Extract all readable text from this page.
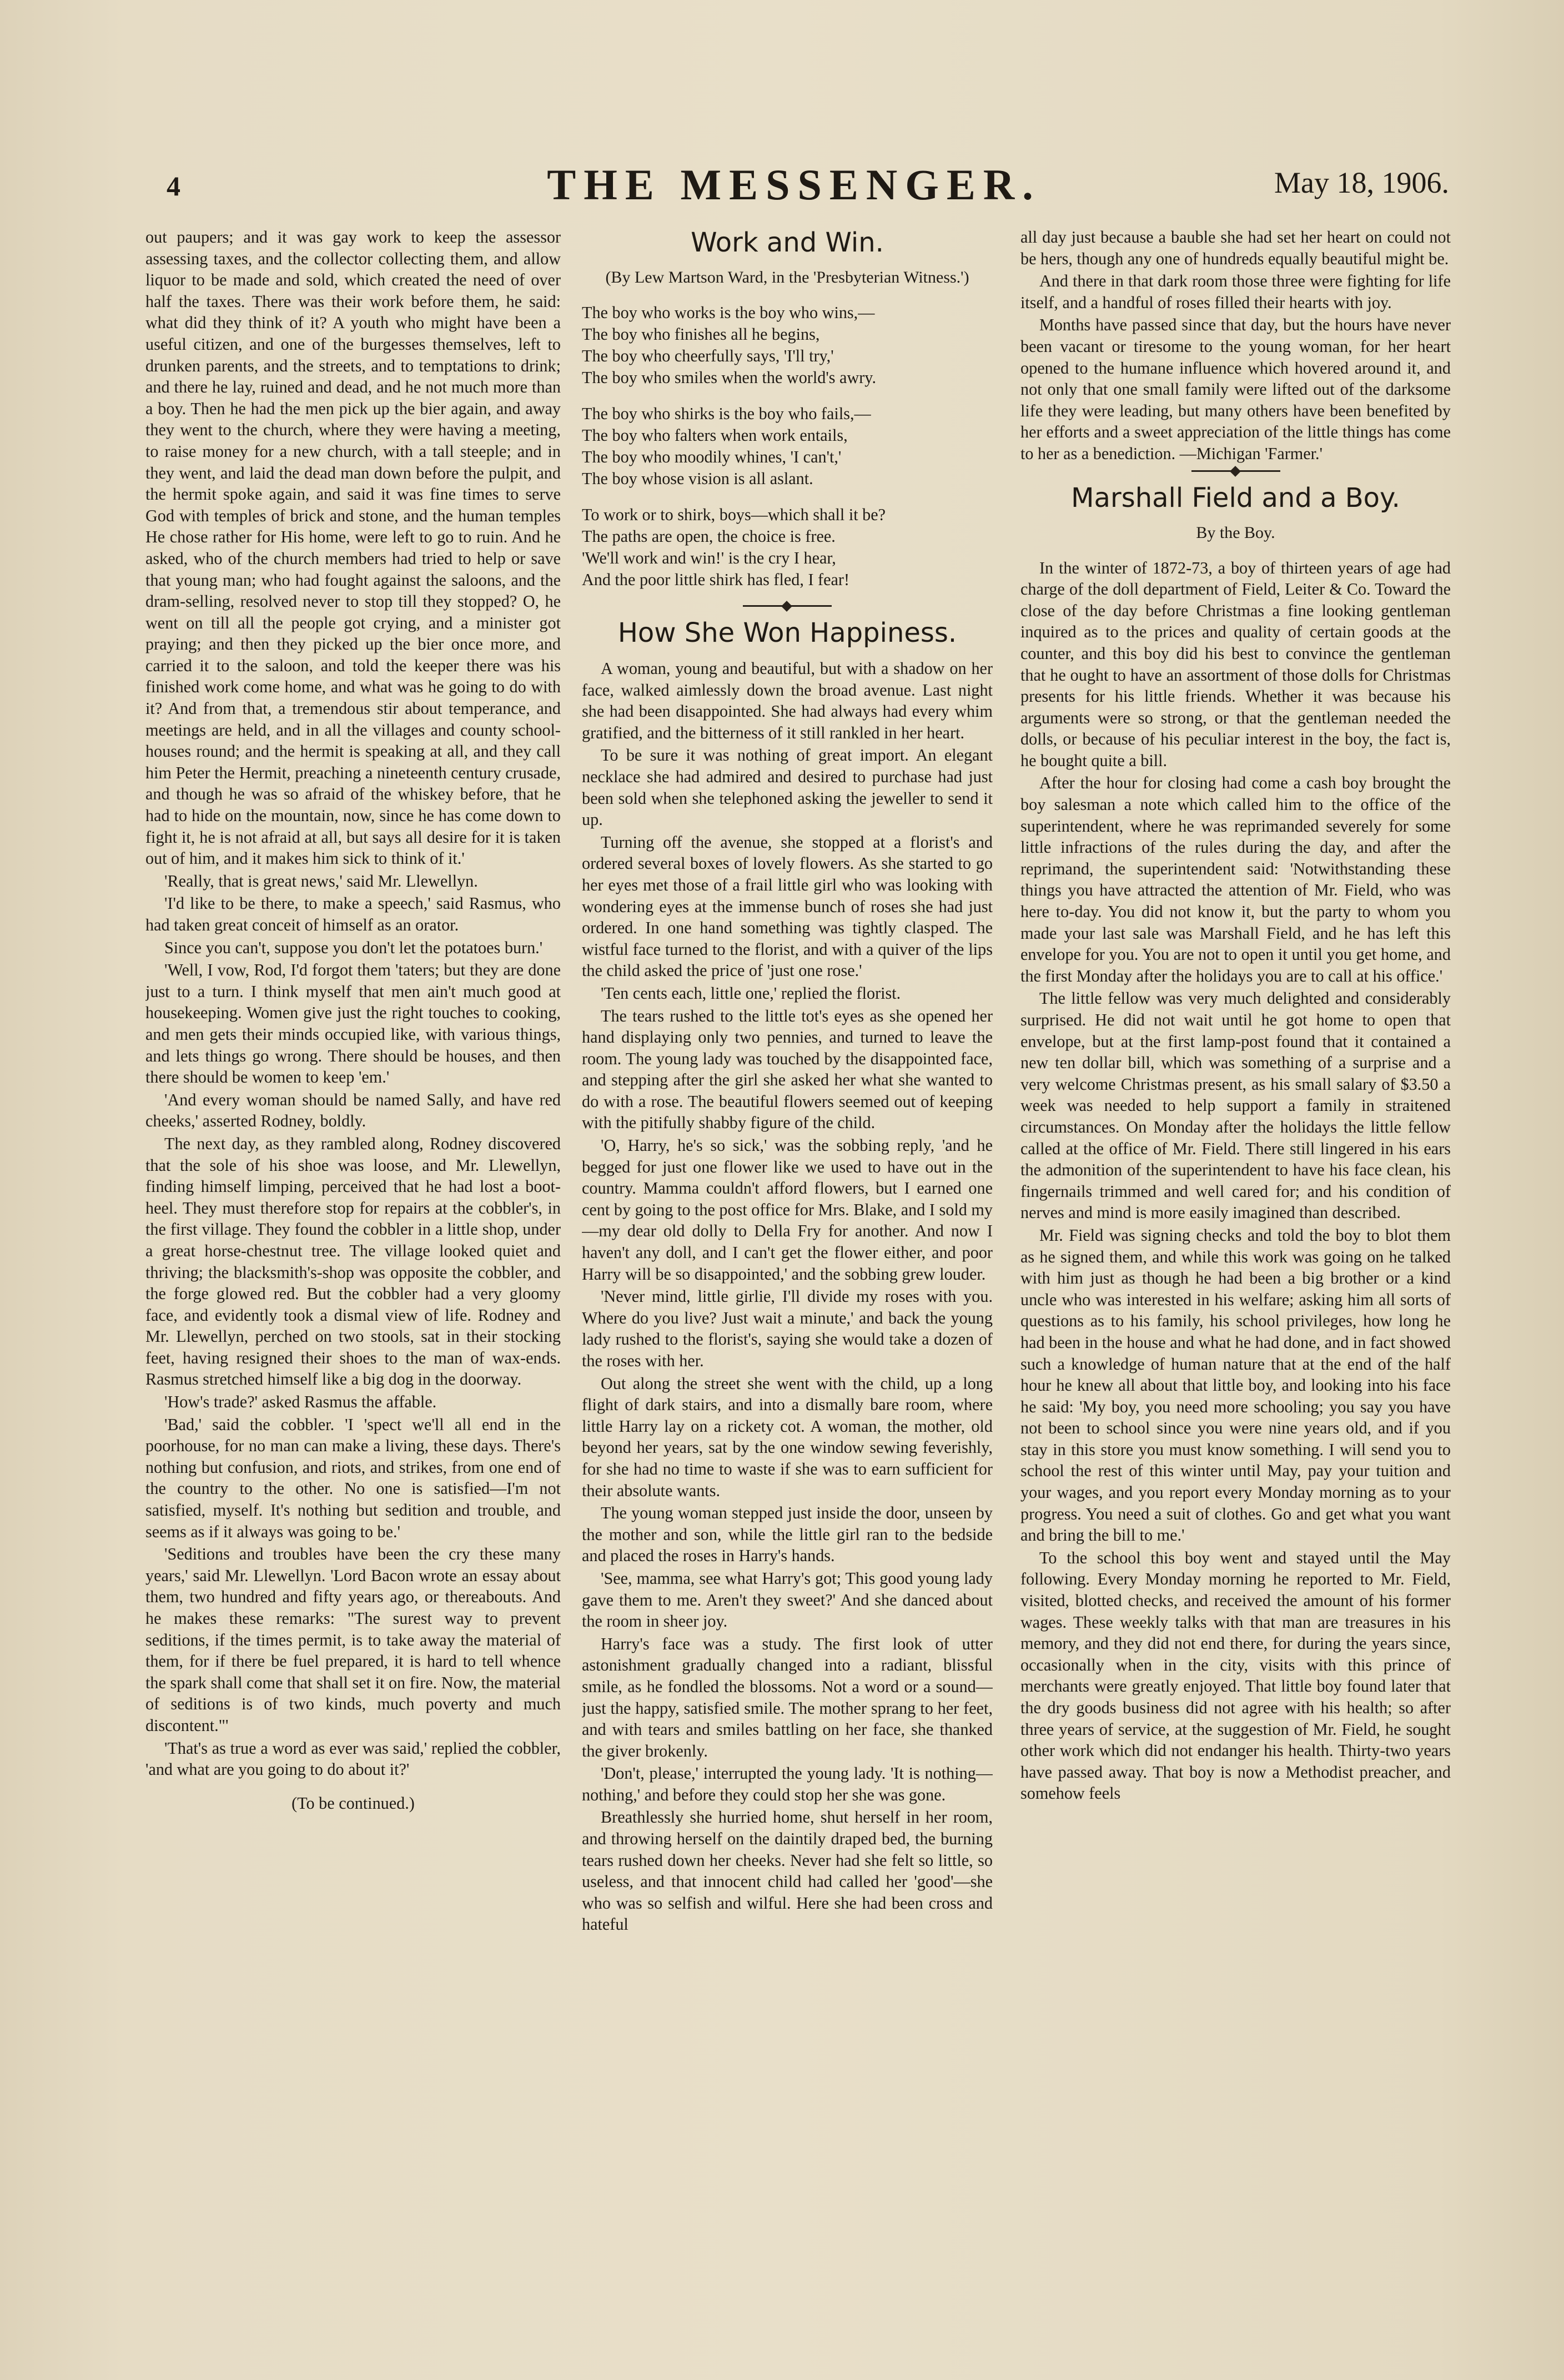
4	THE MESSENGER.	May 18, 1906.

out paupers; and it was gay work to keep the assessor assessing taxes, and the collector collecting them, and allow liquor to be made and sold, which created the need of over half the taxes. There was their work before them, he said: what did they think of it? A youth who might have been a useful citizen, and one of the burgesses themselves, left to drunken parents, and the streets, and to temptations to drink; and there he lay, ruined and dead, and he not much more than a boy. Then he had the men pick up the bier again, and away they went to the church, where they were having a meeting, to raise money for a new church, with a tall steeple; and in they went, and laid the dead man down before the pulpit, and the hermit spoke again, and said it was fine times to serve God with temples of brick and stone, and the human temples He chose rather for His home, were left to go to ruin. And he asked, who of the church members had tried to help or save that young man; who had fought against the saloons, and the dram-selling, resolved never to stop till they stopped? O, he went on till all the people got crying, and a minister got praying; and then they picked up the bier once more, and carried it to the saloon, and told the keeper there was his finished work come home, and what was he going to do with it? And from that, a tremendous stir about temperance, and meetings are held, and in all the villages and county school-houses round; and the hermit is speaking at all, and they call him Peter the Hermit, preaching a nineteenth century crusade, and though he was so afraid of the whiskey before, that he had to hide on the mountain, now, since he has come down to fight it, he is not afraid at all, but says all desire for it is taken out of him, and it makes him sick to think of it.'

'Really, that is great news,' said Mr. Llewellyn.

'I'd like to be there, to make a speech,' said Rasmus, who had taken great conceit of himself as an orator.

Since you can't, suppose you don't let the potatoes burn.'

'Well, I vow, Rod, I'd forgot them 'taters; but they are done just to a turn. I think myself that men ain't much good at housekeeping. Women give just the right touches to cooking, and men gets their minds occupied like, with various things, and lets things go wrong. There should be houses, and then there should be women to keep 'em.'

'And every woman should be named Sally, and have red cheeks,' asserted Rodney, boldly.

The next day, as they rambled along, Rodney discovered that the sole of his shoe was loose, and Mr. Llewellyn, finding himself limping, perceived that he had lost a boot-heel. They must therefore stop for repairs at the cobbler's, in the first village. They found the cobbler in a little shop, under a great horse-chestnut tree. The village looked quiet and thriving; the blacksmith's-shop was opposite the cobbler, and the forge glowed red. But the cobbler had a very gloomy face, and evidently took a dismal view of life. Rodney and Mr. Llewellyn, perched on two stools, sat in their stocking feet, having resigned their shoes to the man of wax-ends. Rasmus stretched himself like a big dog in the doorway.

'How's trade?' asked Rasmus the affable.

'Bad,' said the cobbler. 'I 'spect we'll all end in the poorhouse, for no man can make a living, these days. There's nothing but confusion, and riots, and strikes, from one end of the country to the other. No one is satisfied—I'm not satisfied, myself. It's nothing but sedition and trouble, and seems as if it always was going to be.'

'Seditions and troubles have been the cry these many years,' said Mr. Llewellyn. 'Lord Bacon wrote an essay about them, two hundred and fifty years ago, or thereabouts. And he makes these remarks: "The surest way to prevent seditions, if the times permit, is to take away the material of them, for if there be fuel prepared, it is hard to tell whence the spark shall come that shall set it on fire. Now, the material of seditions is of two kinds, much poverty and much discontent."'

'That's as true a word as ever was said,' replied the cobbler, 'and what are you going to do about it?'

(To be continued.)

Work and Win.
(By Lew Martson Ward, in the 'Presbyterian Witness.')
The boy who works is the boy who wins,—
The boy who finishes all he begins,
The boy who cheerfully says, 'I'll try,'
The boy who smiles when the world's awry.
The boy who shirks is the boy who fails,—
The boy who falters when work entails,
The boy who moodily whines, 'I can't,'
The boy whose vision is all aslant.
To work or to shirk, boys—which shall it be?
The paths are open, the choice is free.
'We'll work and win!' is the cry I hear,
And the poor little shirk has fled, I fear!
How She Won Happiness.

A woman, young and beautiful, but with a shadow on her face, walked aimlessly down the broad avenue. Last night she had been disappointed. She had always had every whim gratified, and the bitterness of it still rankled in her heart.

To be sure it was nothing of great import. An elegant necklace she had admired and desired to purchase had just been sold when she telephoned asking the jeweller to send it up.

Turning off the avenue, she stopped at a florist's and ordered several boxes of lovely flowers. As she started to go her eyes met those of a frail little girl who was looking with wondering eyes at the immense bunch of roses she had just ordered. In one hand something was tightly clasped. The wistful face turned to the florist, and with a quiver of the lips the child asked the price of 'just one rose.'

'Ten cents each, little one,' replied the florist.

The tears rushed to the little tot's eyes as she opened her hand displaying only two pennies, and turned to leave the room. The young lady was touched by the disappointed face, and stepping after the girl she asked her what she wanted to do with a rose. The beautiful flowers seemed out of keeping with the pitifully shabby figure of the child.

'O, Harry, he's so sick,' was the sobbing reply, 'and he begged for just one flower like we used to have out in the country. Mamma couldn't afford flowers, but I earned one cent by going to the post office for Mrs. Blake, and I sold my—my dear old dolly to Della Fry for another. And now I haven't any doll, and I can't get the flower either, and poor Harry will be so disappointed,' and the sobbing grew louder.

'Never mind, little girlie, I'll divide my roses with you. Where do you live? Just wait a minute,' and back the young lady rushed to the florist's, saying she would take a dozen of the roses with her.

Out along the street she went with the child, up a long flight of dark stairs, and into a dismally bare room, where little Harry lay on a rickety cot. A woman, the mother, old beyond her years, sat by the one window sewing feverishly, for she had no time to waste if she was to earn sufficient for their absolute wants.

The young woman stepped just inside the door, unseen by the mother and son, while the little girl ran to the bedside and placed the roses in Harry's hands.

'See, mamma, see what Harry's got; This good young lady gave them to me. Aren't they sweet?' And she danced about the room in sheer joy.

Harry's face was a study. The first look of utter astonishment gradually changed into a radiant, blissful smile, as he fondled the blossoms. Not a word or a sound—just the happy, satisfied smile. The mother sprang to her feet, and with tears and smiles battling on her face, she thanked the giver brokenly.

'Don't, please,' interrupted the young lady. 'It is nothing—nothing,' and before they could stop her she was gone.

Breathlessly she hurried home, shut herself in her room, and throwing herself on the daintily draped bed, the burning tears rushed down her cheeks. Never had she felt so little, so useless, and that innocent child had called her 'good'—she who was so selfish and wilful. Here she had been cross and hateful

all day just because a bauble she had set her heart on could not be hers, though any one of hundreds equally beautiful might be.

And there in that dark room those three were fighting for life itself, and a handful of roses filled their hearts with joy.

Months have passed since that day, but the hours have never been vacant or tiresome to the young woman, for her heart opened to the humane influence which hovered around it, and not only that one small family were lifted out of the darksome life they were leading, but many others have been benefited by her efforts and a sweet appreciation of the little things has come to her as a benediction. —Michigan 'Farmer.'

Marshall Field and a Boy.
By the Boy.

In the winter of 1872-73, a boy of thirteen years of age had charge of the doll department of Field, Leiter & Co. Toward the close of the day before Christmas a fine looking gentleman inquired as to the prices and quality of certain goods at the counter, and this boy did his best to convince the gentleman that he ought to have an assortment of those dolls for Christmas presents for his little friends. Whether it was because his arguments were so strong, or that the gentleman needed the dolls, or because of his peculiar interest in the boy, the fact is, he bought quite a bill.

After the hour for closing had come a cash boy brought the boy salesman a note which called him to the office of the superintendent, where he was reprimanded severely for some little infractions of the rules during the day, and after the reprimand, the superintendent said: 'Notwithstanding these things you have attracted the attention of Mr. Field, who was here to-day. You did not know it, but the party to whom you made your last sale was Marshall Field, and he has left this envelope for you. You are not to open it until you get home, and the first Monday after the holidays you are to call at his office.'

The little fellow was very much delighted and considerably surprised. He did not wait until he got home to open that envelope, but at the first lamp-post found that it contained a new ten dollar bill, which was something of a surprise and a very welcome Christmas present, as his small salary of $3.50 a week was needed to help support a family in straitened circumstances. On Monday after the holidays the little fellow called at the office of Mr. Field. There still lingered in his ears the admonition of the superintendent to have his face clean, his fingernails trimmed and well cared for; and his condition of nerves and mind is more easily imagined than described.

Mr. Field was signing checks and told the boy to blot them as he signed them, and while this work was going on he talked with him just as though he had been a big brother or a kind uncle who was interested in his welfare; asking him all sorts of questions as to his family, his school privileges, how long he had been in the house and what he had done, and in fact showed such a knowledge of human nature that at the end of the half hour he knew all about that little boy, and looking into his face he said: 'My boy, you need more schooling; you say you have not been to school since you were nine years old, and if you stay in this store you must know something. I will send you to school the rest of this winter until May, pay your tuition and your wages, and you report every Monday morning as to your progress. You need a suit of clothes. Go and get what you want and bring the bill to me.'

To the school this boy went and stayed until the May following. Every Monday morning he reported to Mr. Field, visited, blotted checks, and received the amount of his former wages. These weekly talks with that man are treasures in his memory, and they did not end there, for during the years since, occasionally when in the city, visits with this prince of merchants were greatly enjoyed. That little boy found later that the dry goods business did not agree with his health; so after three years of service, at the suggestion of Mr. Field, he sought other work which did not endanger his health. Thirty-two years have passed away. That boy is now a Methodist preacher, and somehow feels
